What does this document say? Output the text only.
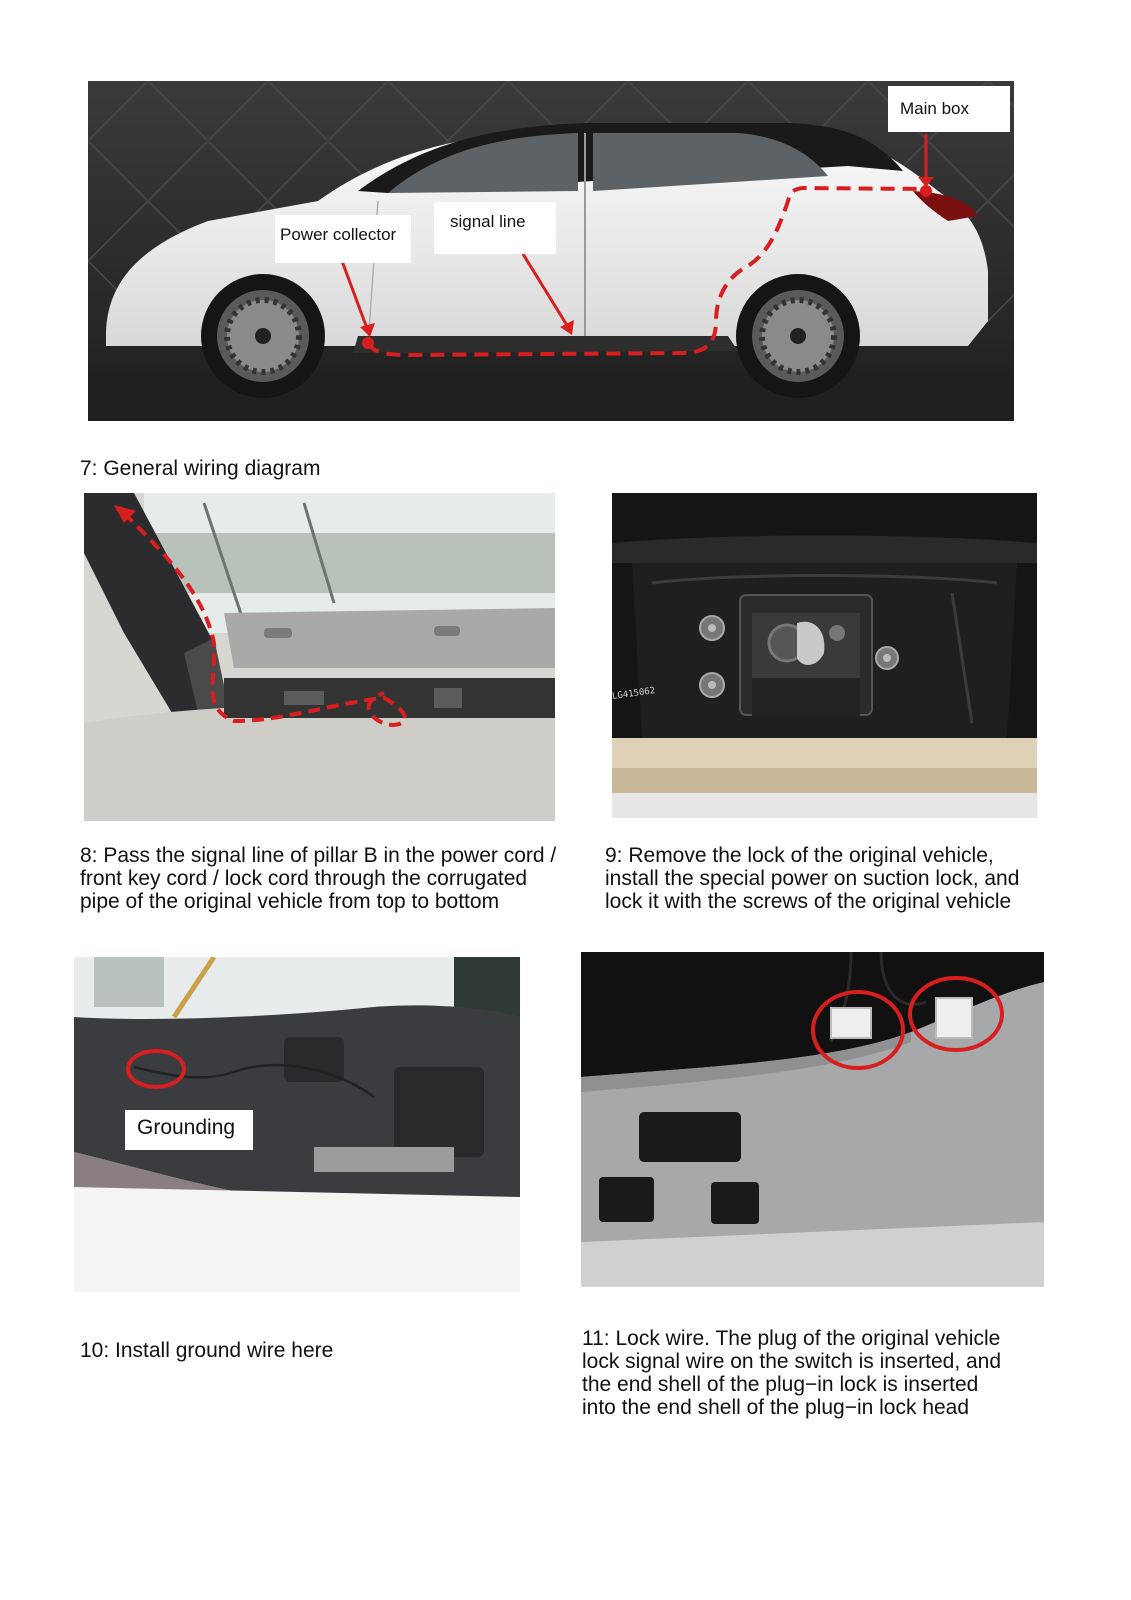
Main box
Power collector
signal line
7: General wiring diagram
LG415062
8: Pass the signal line of pillar B in the power cord /
front key cord / lock cord through the corrugated
pipe of the original vehicle from top to bottom
9: Remove the lock of the original vehicle,
install the special power on suction lock, and
lock it with the screws of the original vehicle
Grounding
10: Install ground wire here
11: Lock wire. The plug of the original vehicle
lock signal wire on the switch is inserted, and
the end shell of the plug−in lock is inserted
into the end shell of the plug−in lock head
